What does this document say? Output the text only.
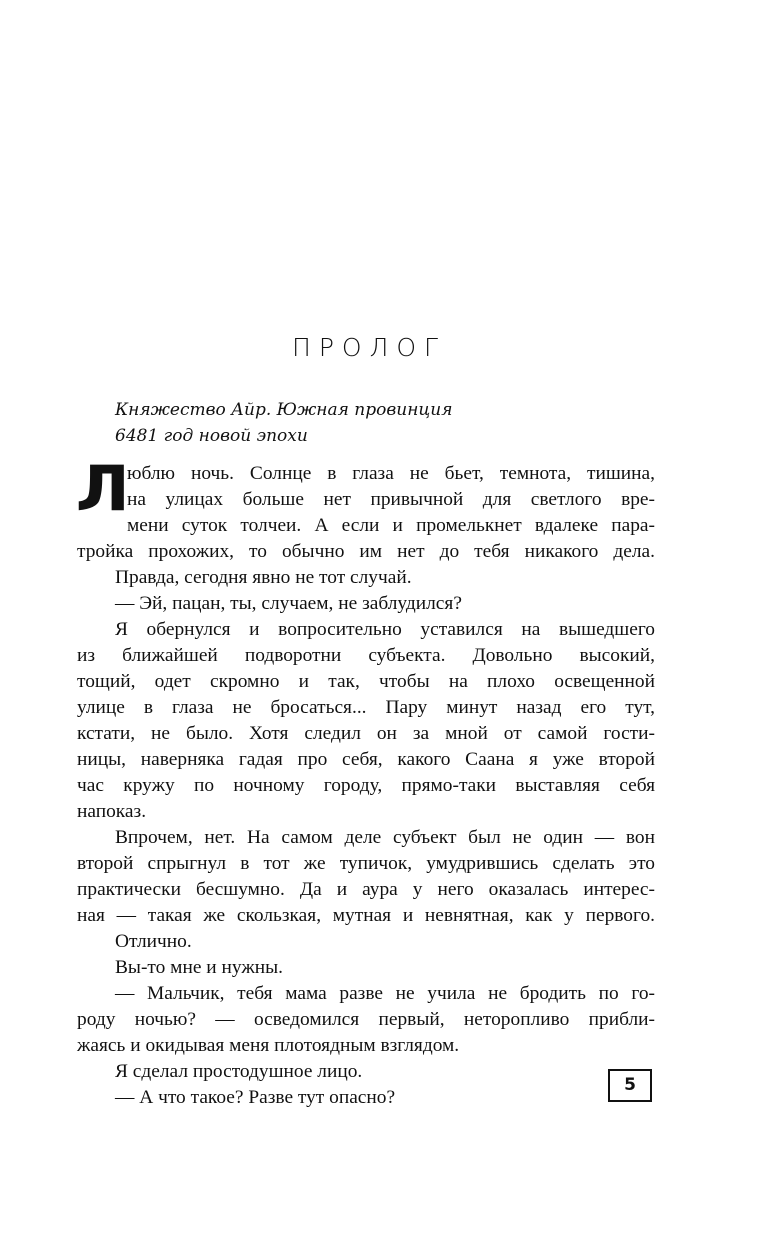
ПРОЛОГ
Княжество Айр. Южная провинция
6481 год новой эпохи
Л
юблю ночь. Солнце в глаза не бьет, темнота, тишина,
на улицах больше нет привычной для светлого вре-
мени суток толчеи. А если и промелькнет вдалеке пара-
тройка прохожих, то обычно им нет до тебя никакого дела.
Правда, сегодня явно не тот случай.
— Эй, пацан, ты, случаем, не заблудился?
Я обернулся и вопросительно уставился на вышедшего
из ближайшей подворотни субъекта. Довольно высокий,
тощий, одет скромно и так, чтобы на плохо освещенной
улице в глаза не бросаться... Пару минут назад его тут,
кстати, не было. Хотя следил он за мной от самой гости-
ницы, наверняка гадая про себя, какого Саана я уже второй
час кружу по ночному городу, прямо-таки выставляя себя
напоказ.
Впрочем, нет. На самом деле субъект был не один — вон
второй спрыгнул в тот же тупичок, умудрившись сделать это
практически бесшумно. Да и аура у него оказалась интерес-
ная — такая же скользкая, мутная и невнятная, как у первого.
Отлично.
Вы-то мне и нужны.
— Мальчик, тебя мама разве не учила не бродить по го-
роду ночью? — осведомился первый, неторопливо прибли-
жаясь и окидывая меня плотоядным взглядом.
Я сделал простодушное лицо.
— А что такое? Разве тут опасно?
5
